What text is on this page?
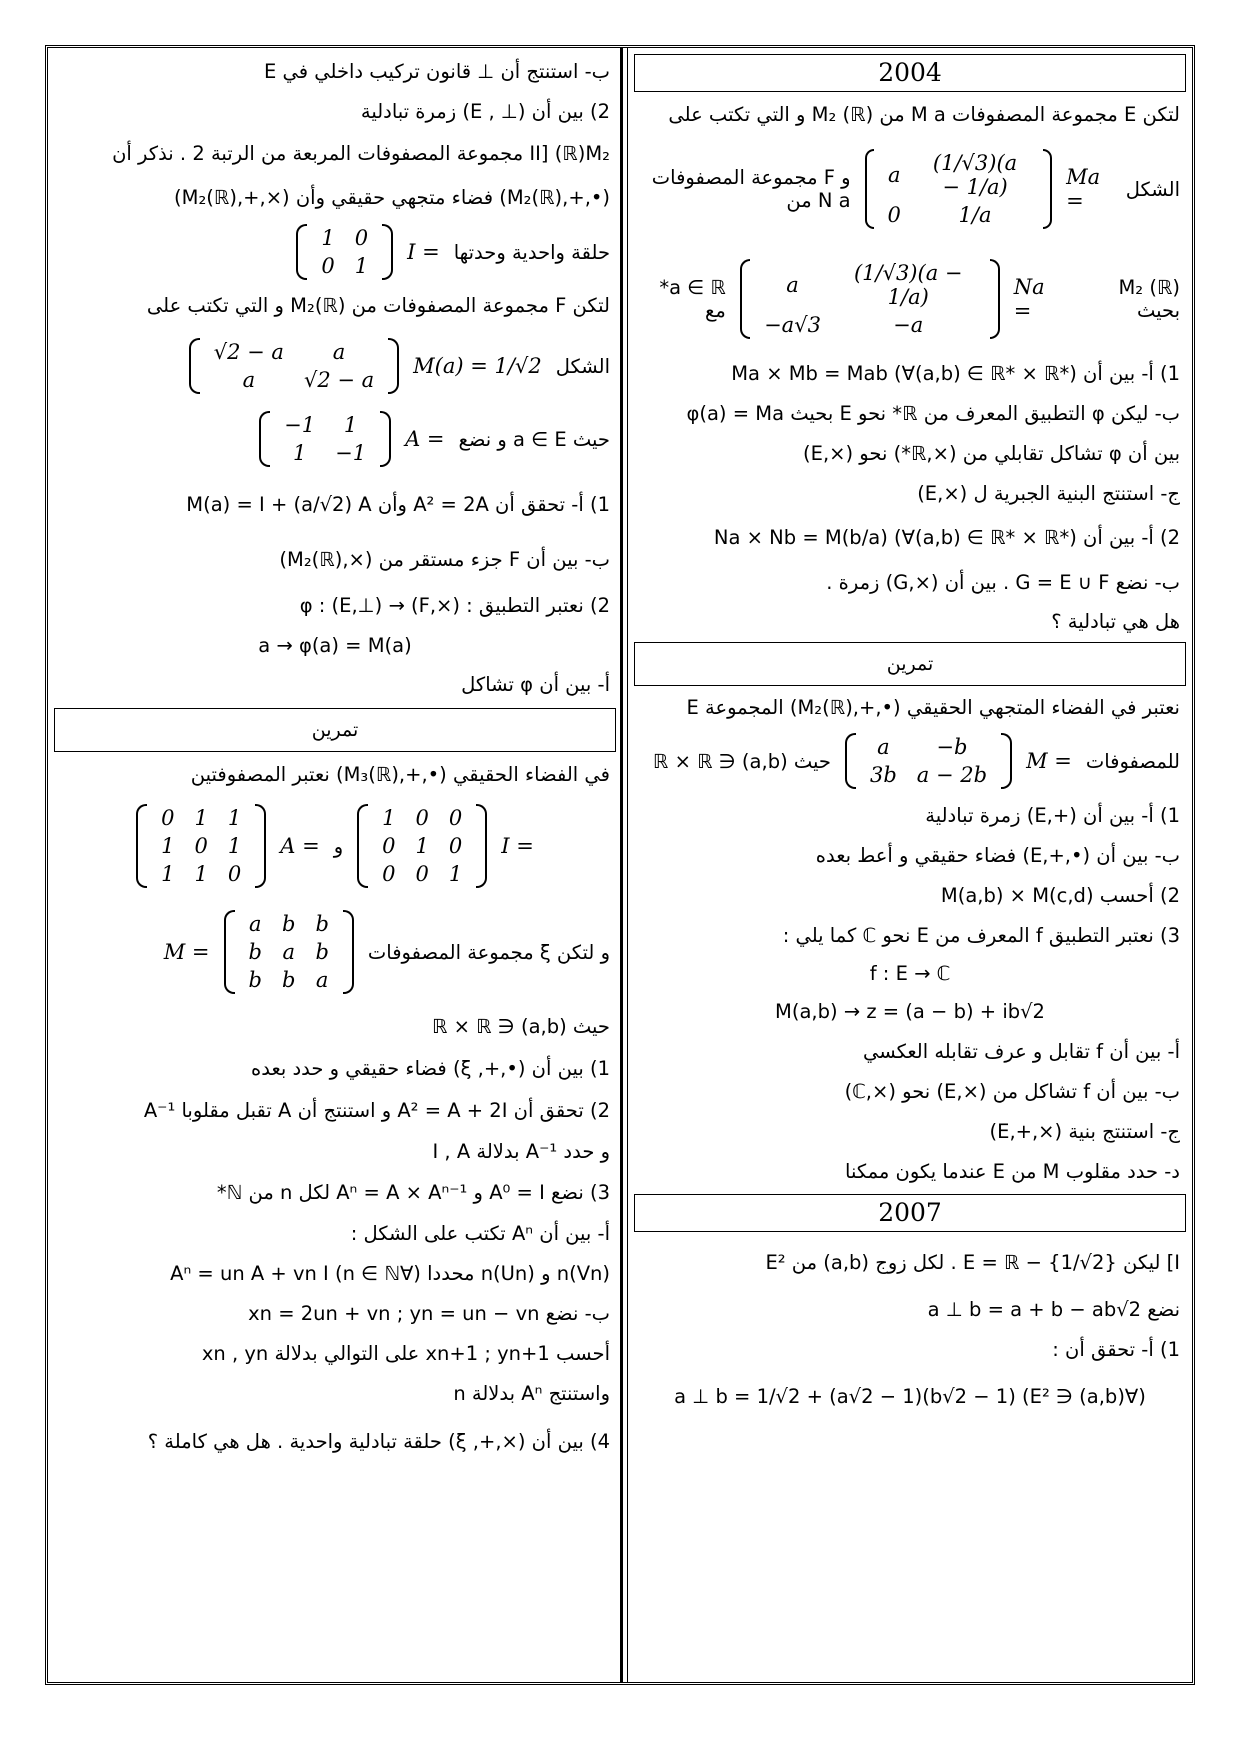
2004
لتكن E مجموعة المصفوفات M a من (ℝ) M₂ و التي تكتب على
الشكل
Ma =
a	(1/√3)(a − 1/a)
0	1/a
و F مجموعة المصفوفات N a من
(ℝ) M₂ بحيث
Na =
a	(1/√3)(a − 1/a)
−a√3	−a
a ∈ ℝ* مع
1) أ- بين أن Ma × Mb = Mab (∀(a,b) ∈ ℝ* × ℝ*)
ب- ليكن φ التطبيق المعرف من ℝ* نحو E بحيث φ(a) = Ma
بين أن φ تشاكل تقابلي من (×,ℝ*) نحو (×,E)
ج- استنتج البنية الجبرية ل (×,E)
2) أ- بين أن Na × Nb = M(b/a) (∀(a,b) ∈ ℝ* × ℝ*)
ب- نضع G = E ∪ F . بين أن (×,G) زمرة .
هل هي تبادلية ؟
تمرين
نعتبر في الفضاء المتجهي الحقيقي (•,+,(ℝ)M₂) المجموعة E
للمصفوفات
M =
a	−b
3b	a − 2b
حيث (a,b) ∈ ℝ × ℝ
1) أ- بين أن (+,E) زمرة تبادلية
ب- بين أن (•,+,E) فضاء حقيقي و أعط بعده
2) أحسب M(a,b) × M(c,d)
3) نعتبر التطبيق f المعرف من E نحو ℂ كما يلي :
f : E → ℂ
M(a,b) → z = (a − b) + ib√2
أ- بين أن f تقابل و عرف تقابله العكسي
ب- بين أن f تشاكل من (×,E) نحو (×,ℂ)
ج- استنتج بنية (×,+,E)
د- حدد مقلوب M من E عندما يكون ممكنا
2007
I] ليكن E = ℝ − {1/√2} . لكل زوج (a,b) من E²
نضع a ⊥ b = a + b − ab√2
1) أ- تحقق أن :
(∀(a,b) ∈ E²) a ⊥ b = 1/√2 + (a√2 − 1)(b√2 − 1)
ب- استنتج أن ⊥ قانون تركيب داخلي في E
2) بين أن (⊥ , E) زمرة تبادلية
II] (ℝ)M₂ مجموعة المصفوفات المربعة من الرتبة 2 . نذكر أن
(•,+,(ℝ)M₂) فضاء متجهي حقيقي وأن (×,+,(ℝ)M₂)
حلقة واحدية وحدتها
I =
1	0
0	1
لتكن F مجموعة المصفوفات من (ℝ)M₂ و التي تكتب على
الشكل
M(a) = 1/√2
√2 − a	a
a	√2 − a
حيث a ∈ E و نضع
A =
−1	1
1	−1
1) أ- تحقق أن A² = 2A وأن M(a) = I + (a/√2) A
ب- بين أن F جزء مستقر من (×,(ℝ)M₂)
2) نعتبر التطبيق : φ : (E,⊥) → (F,×)
a → φ(a) = M(a)
أ- بين أن φ تشاكل
تمرين
في الفضاء الحقيقي (•,+,(ℝ)M₃) نعتبر المصفوفتين
I =
1	0	0
0	1	0
0	0	1
و
A =
0	1	1
1	0	1
1	1	0
و لتكن ξ مجموعة المصفوفات
a	b	b
b	a	b
b	b	a
M =
حيث (a,b) ∈ ℝ × ℝ
1) بين أن (•,+, ξ) فضاء حقيقي و حدد بعده
2) تحقق أن A² = A + 2I و استنتج أن A تقبل مقلوبا A⁻¹
و حدد A⁻¹ بدلالة I , A
3) نضع A⁰ = I و Aⁿ = A × Aⁿ⁻¹ لكل n من ℕ*
أ- بين أن Aⁿ تكتب على الشكل :
(Vn)n و (Un)n محددا (∀n ∈ ℕ) Aⁿ = un A + vn I
ب- نضع xn = 2un + vn ; yn = un − vn
أحسب xn+1 ; yn+1 على التوالي بدلالة xn , yn
واستنتج Aⁿ بدلالة n
4) بين أن (×,+, ξ) حلقة تبادلية واحدية . هل هي كاملة ؟
